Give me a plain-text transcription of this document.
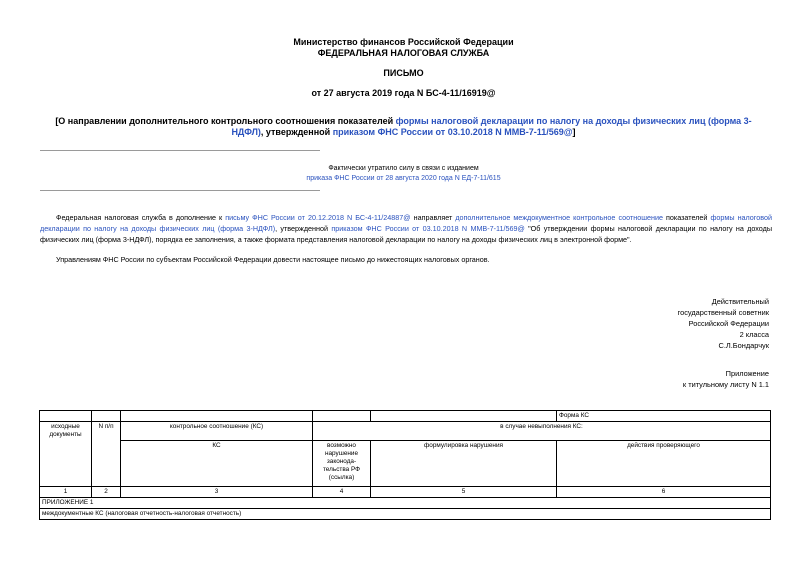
Министерство финансов Российской Федерации
ФЕДЕРАЛЬНАЯ НАЛОГОВАЯ СЛУЖБА
ПИСЬМО
от 27 августа 2019 года N БС-4-11/16919@
[О направлении дополнительного контрольного соотношения показателей формы налоговой декларации по налогу на доходы физических лиц (форма 3-НДФЛ), утвержденной приказом ФНС России от 03.10.2018 N ММВ-7-11/569@]
Фактически утратило силу в связи с изданием
приказа ФНС России от 28 августа 2020 года N ЕД-7-11/615
Федеральная налоговая служба в дополнение к письму ФНС России от 20.12.2018 N БС-4-11/24887@ направляет дополнительное междокументное контрольное соотношение показателей формы налоговой декларации по налогу на доходы физических лиц (форма 3-НДФЛ), утвержденной приказом ФНС России от 03.10.2018 N ММВ-7-11/569@ "Об утверждении формы налоговой декларации по налогу на доходы физических лиц (форма 3-НДФЛ), порядка ее заполнения, а также формата представления налоговой декларации по налогу на доходы физических лиц в электронной форме".
Управлениям ФНС России по субъектам Российской Федерации довести настоящее письмо до нижестоящих налоговых органов.
Действительный
государственный советник
Российской Федерации
2 класса
С.Л.Бондарчук
Приложение
к титульному листу N 1.1
					Форма КС
исходные документы	N п/п	контрольное соотношение (КС)	в случае невыполнения КС:		
		КС	возможно нарушение законода-тельства РФ (ссылка)	формулировка нарушения	действия проверяющего
1	2	3	4	5	6
ПРИЛОЖЕНИЕ 1					
междокументные КС (налоговая отчетность-налоговая отчетность)					
